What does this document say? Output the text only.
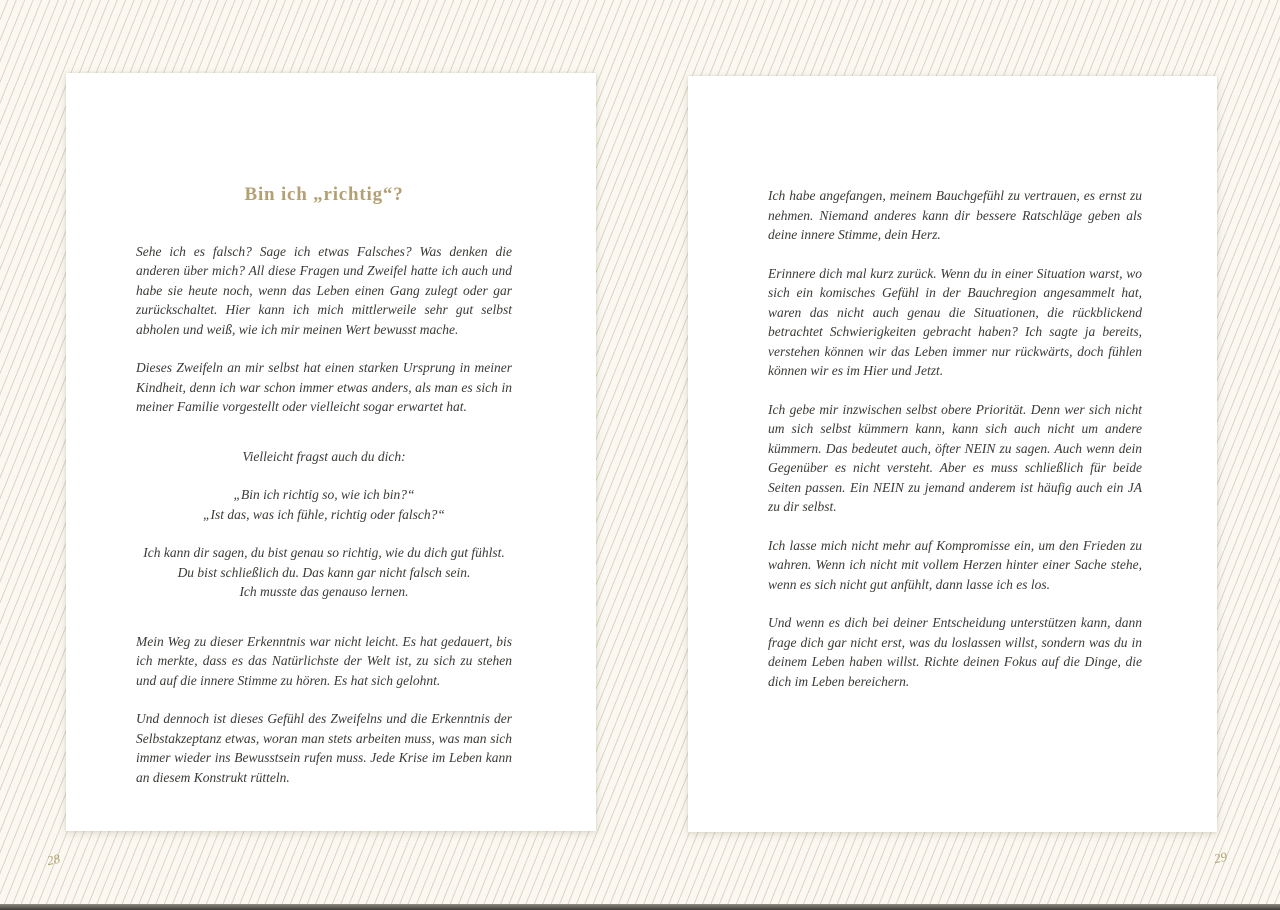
Bin ich „richtig“?

Sehe ich es falsch? Sage ich etwas Falsches? Was denken die anderen über mich? All diese Fragen und Zweifel hatte ich auch und habe sie heute noch, wenn das Leben einen Gang zulegt oder gar zurückschaltet. Hier kann ich mich mittlerweile sehr gut selbst abholen und weiß, wie ich mir meinen Wert bewusst mache.

Dieses Zweifeln an mir selbst hat einen starken Ursprung in meiner Kindheit, denn ich war schon immer etwas anders, als man es sich in meiner Familie vorgestellt oder vielleicht sogar erwartet hat.

Vielleicht fragst auch du dich:

„Bin ich richtig so, wie ich bin?“

„Ist das, was ich fühle, richtig oder falsch?“

Ich kann dir sagen, du bist genau so richtig, wie du dich gut fühlst.

Du bist schließlich du. Das kann gar nicht falsch sein.

Ich musste das genauso lernen.

Mein Weg zu dieser Erkenntnis war nicht leicht. Es hat gedauert, bis ich merkte, dass es das Natürlichste der Welt ist, zu sich zu stehen und auf die innere Stimme zu hören. Es hat sich gelohnt.

Und dennoch ist dieses Gefühl des Zweifelns und die Erkenntnis der Selbstakzeptanz etwas, woran man stets arbeiten muss, was man sich immer wieder ins Bewusstsein rufen muss. Jede Krise im Leben kann an diesem Konstrukt rütteln.

Ich habe angefangen, meinem Bauchgefühl zu vertrauen, es ernst zu nehmen. Niemand anderes kann dir bessere Ratschläge geben als deine innere Stimme, dein Herz.

Erinnere dich mal kurz zurück. Wenn du in einer Situation warst, wo sich ein komisches Gefühl in der Bauchregion angesammelt hat, waren das nicht auch genau die Situationen, die rückblickend betrachtet Schwierigkeiten gebracht haben? Ich sagte ja bereits, verstehen können wir das Leben immer nur rückwärts, doch fühlen können wir es im Hier und Jetzt.

Ich gebe mir inzwischen selbst obere Priorität. Denn wer sich nicht um sich selbst kümmern kann, kann sich auch nicht um andere kümmern. Das bedeutet auch, öfter NEIN zu sagen. Auch wenn dein Gegenüber es nicht versteht. Aber es muss schließlich für beide Seiten passen. Ein NEIN zu jemand anderem ist häufig auch ein JA zu dir selbst.

Ich lasse mich nicht mehr auf Kompromisse ein, um den Frieden zu wahren. Wenn ich nicht mit vollem Herzen hinter einer Sache stehe, wenn es sich nicht gut anfühlt, dann lasse ich es los.

Und wenn es dich bei deiner Entscheidung unterstützen kann, dann frage dich gar nicht erst, was du loslassen willst, sondern was du in deinem Leben haben willst. Richte deinen Fokus auf die Dinge, die dich im Leben bereichern.

28	29
